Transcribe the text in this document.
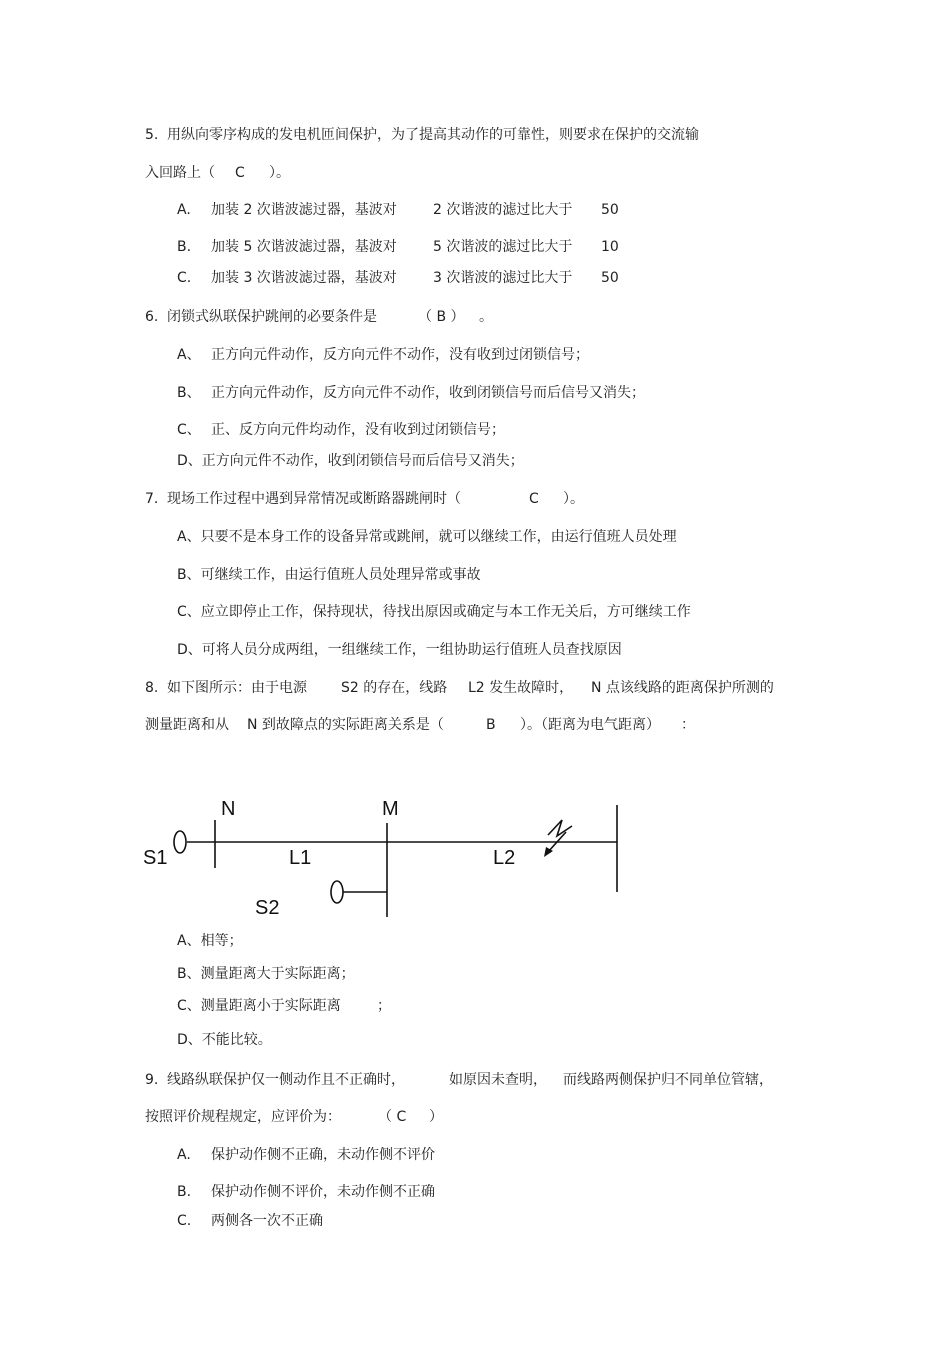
5. 用纵向零序构成的发电机匝间保护，为了提高其动作的可靠性，则要求在保护的交流输
入回路上（ C ）。
A. 加装 2 次谐波滤过器，基波对	2 次谐波的滤过比大于 50
B. 加装 5 次谐波滤过器，基波对	5 次谐波的滤过比大于 10
C. 加装 3 次谐波滤过器，基波对	3 次谐波的滤过比大于 50
6. 闭锁式纵联保护跳闸的必要条件是	（ B ） 。
A、 正方向元件动作，反方向元件不动作，没有收到过闭锁信号；
B、 正方向元件动作，反方向元件不动作，收到闭锁信号而后信号又消失；
C、 正、反方向元件均动作，没有收到过闭锁信号；
D、正方向元件不动作，收到闭锁信号而后信号又消失；
7. 现场工作过程中遇到异常情况或断路器跳闸时（	C ）。
A、只要不是本身工作的设备异常或跳闸，就可以继续工作，由运行值班人员处理
B、可继续工作，由运行值班人员处理异常或事故
C、应立即停止工作，保持现状，待找出原因或确定与本工作无关后，方可继续工作
D、可将人员分成两组，一组继续工作，一组协助运行值班人员查找原因
8. 如下图所示：由于电源 S2 的存在，线路 L2 发生故障时， N 点该线路的距离保护所测的
测量距离和从 N 到故障点的实际距离关系是（	B ）。（距离为电气距离） ：
N	M
S1	L1	L2
S2
A、相等；
B、测量距离大于实际距离；
C、测量距离小于实际距离	；
D、不能比较。
9. 线路纵联保护仅一侧动作且不正确时，	如原因未查明， 而线路两侧保护归不同单位管辖，
按照评价规程规定，应评价为：	（ C ）
A. 保护动作侧不正确，未动作侧不评价
B. 保护动作侧不评价，未动作侧不正确
C. 两侧各一次不正确
